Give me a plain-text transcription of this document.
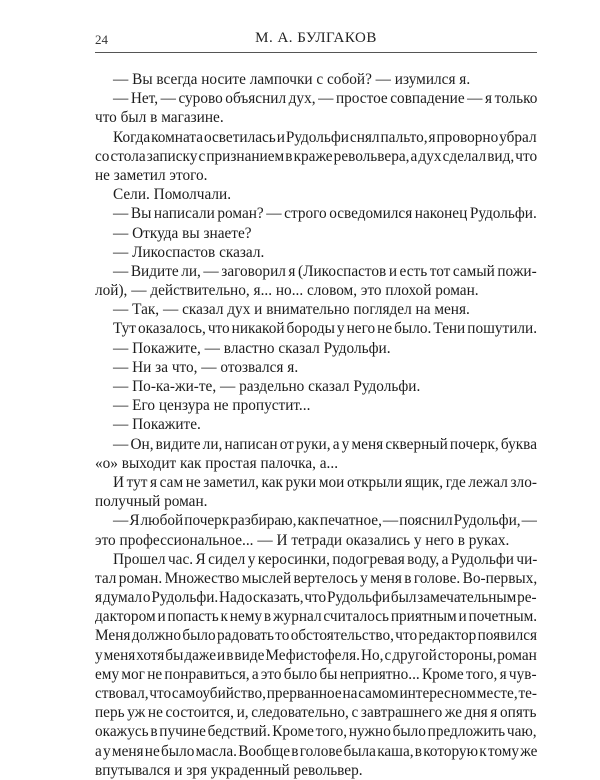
24	М. А. БУЛГАКОВ
— Вы всегда носите лампочки с собой? — изумился я.
— Нет, — сурово объяснил дух, — простое совпадение — я только
что был в магазине.
Когда комната осветилась и Рудольфи снял пальто, я проворно убрал
со стола записку с признанием в краже револьвера, а дух сделал вид, что
не заметил этого.
Сели. Помолчали.
— Вы написали роман? — строго осведомился наконец Рудольфи.
— Откуда вы знаете?
— Ликоспастов сказал.
— Видите ли, — заговорил я (Ликоспастов и есть тот самый пожи-
лой), — действительно, я... но... словом, это плохой роман.
— Так, — сказал дух и внимательно поглядел на меня.
Тут оказалось, что никакой бороды у него не было. Тени пошутили.
— Покажите, — властно сказал Рудольфи.
— Ни за что, — отозвался я.
— По-ка-жи-те, — раздельно сказал Рудольфи.
— Его цензура не пропустит...
— Покажите.
— Он, видите ли, написан от руки, а у меня скверный почерк, буква
«о» выходит как простая палочка, а...
И тут я сам не заметил, как руки мои открыли ящик, где лежал зло-
получный роман.
— Я любой почерк разбираю, как печатное, — пояснил Рудольфи, —
это профессиональное... — И тетради оказались у него в руках.
Прошел час. Я сидел у керосинки, подогревая воду, а Рудольфи чи-
тал роман. Множество мыслей вертелось у меня в голове. Во-первых,
я думал о Рудольфи. Надо сказать, что Рудольфи был замечательным ре-
дактором и попасть к нему в журнал считалось приятным и почетным.
Меня должно было радовать то обстоятельство, что редактор появился
у меня хотя бы даже и в виде Мефистофеля. Но, с другой стороны, роман
ему мог не понравиться, а это было бы неприятно... Кроме того, я чув-
ствовал, что самоубийство, прерванное на самом интересном месте, те-
перь уж не состоится, и, следовательно, с завтрашнего же дня я опять
окажусь в пучине бедствий. Кроме того, нужно было предложить чаю,
а у меня не было масла. Вообще в голове была каша, в которую к тому же
впутывался и зря украденный револьвер.
